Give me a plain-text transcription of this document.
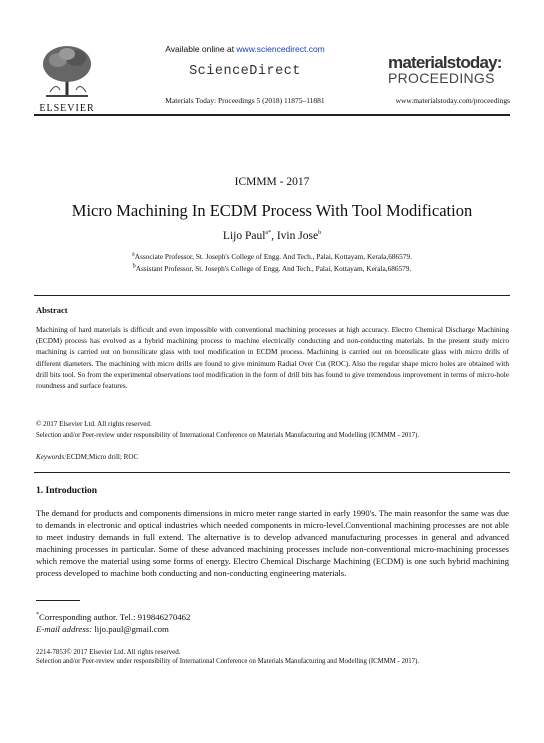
ELSEVIER
Available online at www.sciencedirect.com
ScienceDirect
Materials Today: Proceedings 5 (2018) 11875–11881
materialstoday:
PROCEEDINGS
www.materialstoday.com/proceedings
ICMMM - 2017
Micro Machining In ECDM Process With Tool Modification
Lijo Paul$^{a*}$, Ivin Jose$^b$
$^a$Associate Professor, St. Joseph's College of Engg. And Tech., Palai, Kottayam, Kerala,686579.
$^b$Assistant Professor, St. Joseph's College of Engg. And Tech., Palai, Kottayam, Kerala,686579.
Abstract
Machining of hard materials is difficult and even impossible with conventional machining processes at high accuracy. Electro Chemical Discharge Machining (ECDM) process has evolved as a hybrid machining process to machine electrically conducting and non-conducting materials. In the present study micro machining is carried out on borosilicate glass with tool modification in ECDM process. Machining is carried out on borosilicate glass with micro drills of different diameters. The machining with micro drills are found to give minimum Radial Over Cut (ROC). Also the regular shape micro holes are obtained with drill bits tool. So from the experimental observations tool modification in the form of drill bits has found to give tremendous improvement in terms of micro-hole roundness and surface features.
© 2017 Elsevier Ltd. All rights reserved.
Selection and/or Peer-review under responsibility of International Conference on Materials Manufacturing and Modelling (ICMMM - 2017).
Keywords:ECDM;Micro drill; ROC
1. Introduction
The demand for products and components dimensions in micro meter range started in early 1990's. The main reasonfor the same was due to demands in electronic and optical industries which needed components in micro-level.Conventional machining processes are not able to meet industry demands in full extend. The alternative is to develop advanced manufacturing processes in general and advanced machining processes in particular. Some of these advanced machining processes include non-conventional micro-machining processes which remove the material using some forms of energy. Electro Chemical Discharge Machining (ECDM) is one such hybrid machining process developed to machine both conducting and non-conducting engineering materials.
*Corresponding author. Tel.: 919846270462
E-mail address: lijo.paul@gmail.com
2214-7853© 2017 Elsevier Ltd. All rights reserved.
Selection and/or Peer-review under responsibility of International Conference on Materials Manufacturing and Modelling (ICMMM - 2017).
